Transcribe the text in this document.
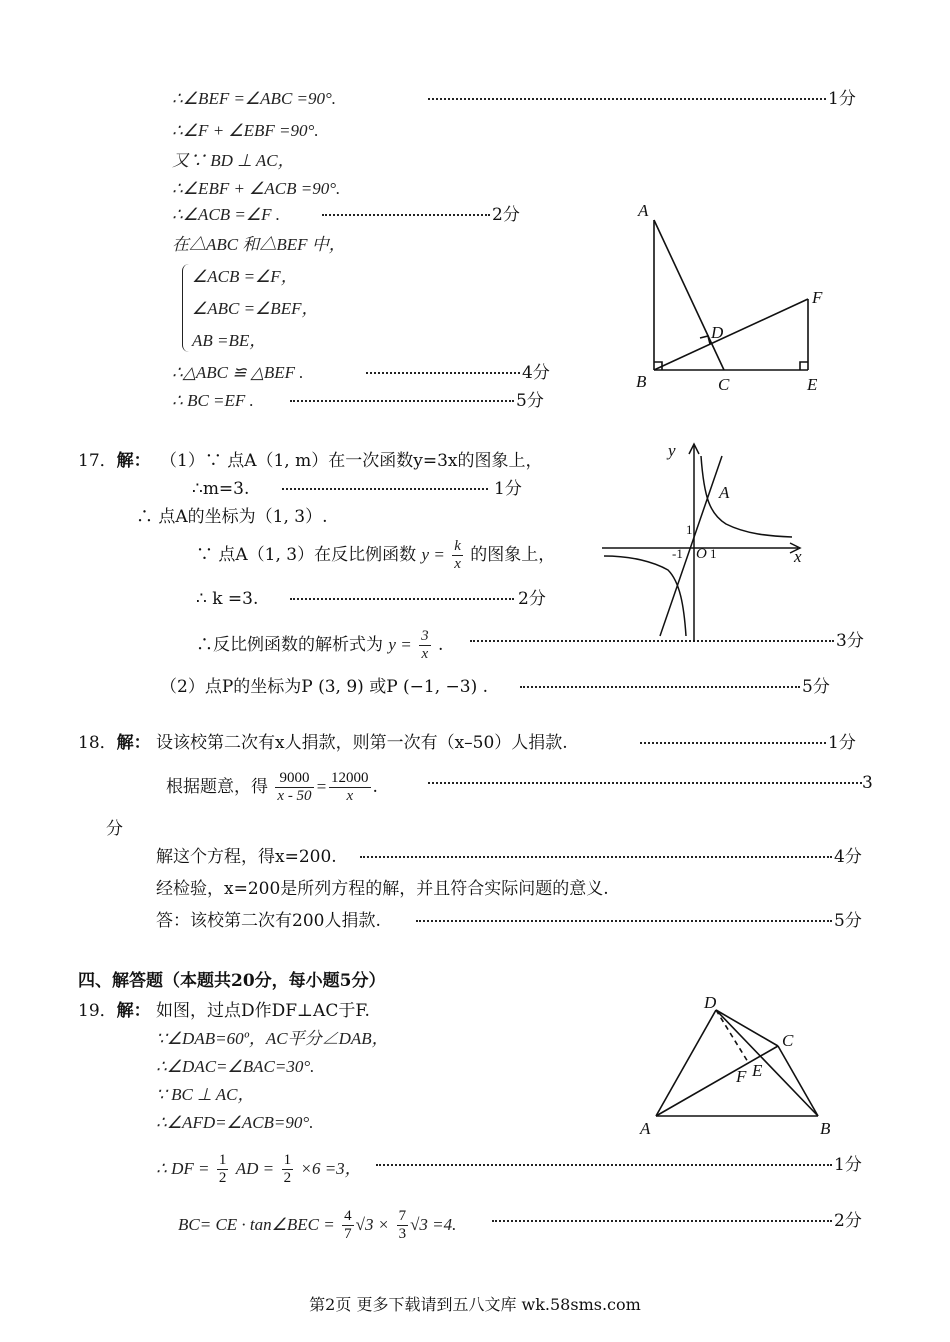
∴∠BEF =∠ABC =90°.	1分
∴∠F + ∠EBF =90°.
又∵ BD ⊥ AC，
∴∠EBF + ∠ACB =90°.
∴∠ACB =∠F .	2分
在△ABC 和△BEF 中，
∠ACB =∠F，
∠ABC =∠BEF，
AB =BE，
∴△ABC ≌ △BEF .	4分
∴ BC =EF .	5分
A
B	C
D
E
F
17．解： （1）∵ 点A（1, m）在一次函数y=3x的图象上，
∴m=3.	1分
∴ 点A的坐标为（1, 3）.
∵ 点A（1, 3）在反比例函数 $y = \frac{k}{x}$ 的图象上，
∴ k =3.	2分
∴反比例函数的解析式为 $y = \frac{3}{x}$ .	3分
（2）点P的坐标为P (3, 9) 或P (−1, −3) .	5分
y
x
A
O
1
-1 1
18．解： 设该校第二次有x人捐款，则第一次有（x–50）人捐款.	1分
根据题意，得 $\frac{9000}{x - 50} = \frac{12000}{x}$ .	3
分
解这个方程，得x=200.	4分
经检验，x=200是所列方程的解，并且符合实际问题的意义.
答：该校第二次有200人捐款.	5分
四、解答题（本题共20分，每小题5分）
19．解： 如图，过点D作DF⊥AC于F.
∵∠DAB=60º，AC平分∠DAB，
∴∠DAC=∠BAC=30°.
∵ BC ⊥ AC，
∴∠AFD=∠ACB=90°.
∴ DF = $\frac{1}{2}$ AD = $\frac{1}{2} \times 6 =3$，	1分
BC= CE · tan∠BEC = $\frac{4}{7} √3 \times \frac{7}{3} √3 =4$.	2分
D
C
E
F
A	B
第2页 更多下载请到五八文库 wk.58sms.com
